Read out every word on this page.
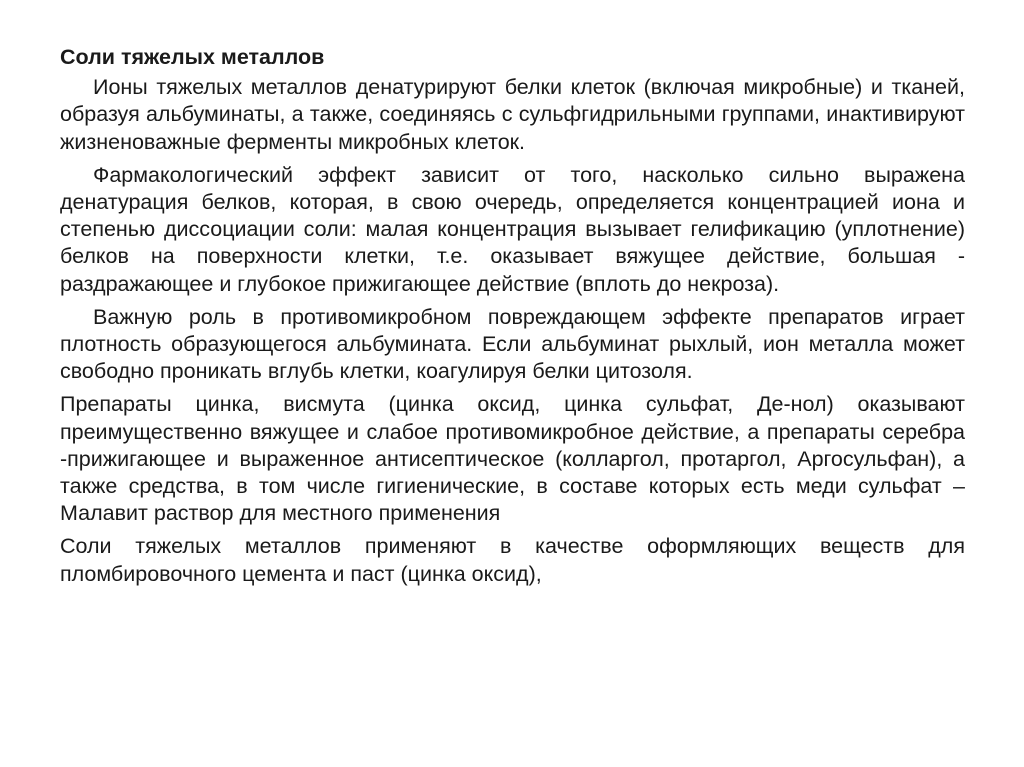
Соли тяжелых металлов

Ионы тяжелых металлов денатурируют белки клеток (включая микробные) и тканей, образуя альбуминаты, а также, соединяясь с сульфгидрильными группами, инактивируют жизненоважные ферменты микробных клеток.

Фармакологический эффект зависит от того, насколько сильно выражена денатурация белков, которая, в свою очередь, определяется концентрацией иона и степенью диссоциации соли: малая концентрация вызывает гелификацию (уплотнение) белков на поверхности клетки, т.е. оказывает вяжущее действие, большая - раздражающее и глубокое прижигающее действие (вплоть до некроза).

Важную роль в противомикробном повреждающем эффекте препаратов играет плотность образующегося альбумината. Если альбуминат рыхлый, ион металла может свободно проникать вглубь клетки, коагулируя белки цитозоля.

Препараты цинка, висмута (цинка оксид, цинка сульфат, Де-нол) оказывают преимущественно вяжущее и слабое противомикробное действие, а препараты серебра -прижигающее и выраженное антисептическое (колларгол, протаргол, Аргосульфан), а также средства, в том числе гигиенические, в составе которых есть меди сульфат – Малавит раствор для местного применения

Соли тяжелых металлов применяют в качестве оформляющих веществ для пломбировочного цемента и паст (цинка оксид),
